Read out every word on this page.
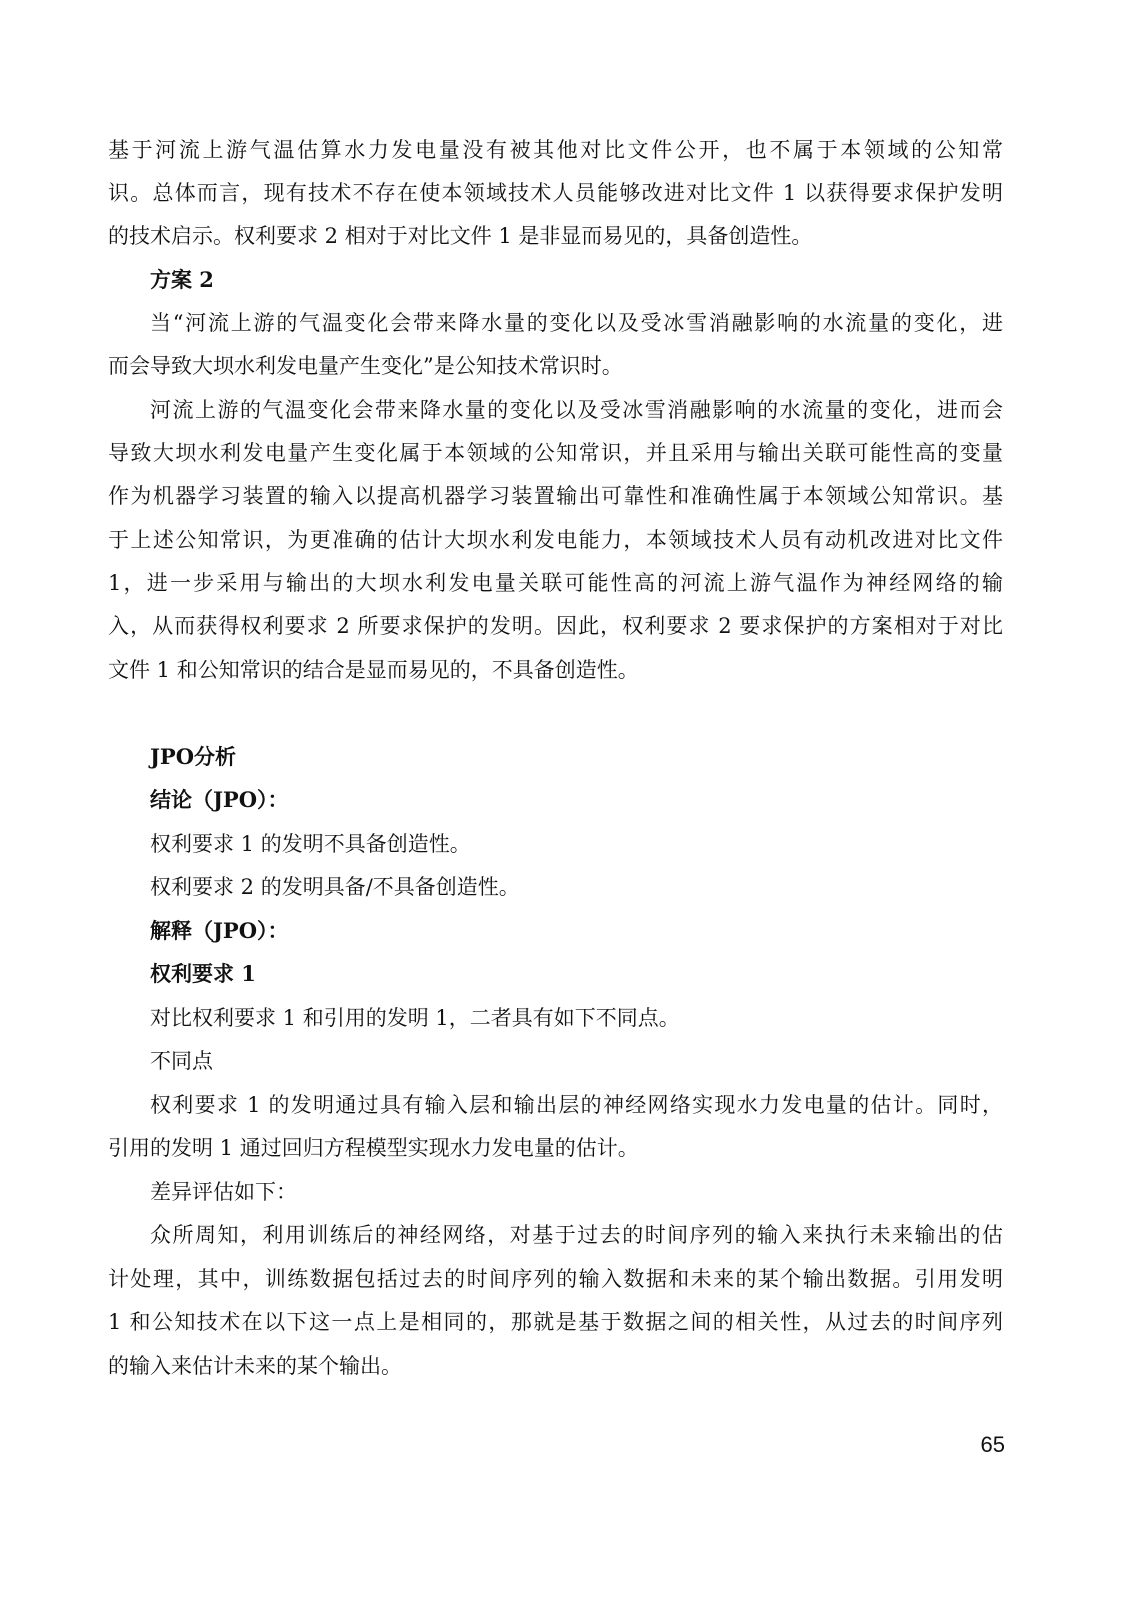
基于河流上游气温估算水力发电量没有被其他对比文件公开，也不属于本领域的公知常
识。总体而言，现有技术不存在使本领域技术人员能够改进对比文件 1 以获得要求保护发明
的技术启示。权利要求 2 相对于对比文件 1 是非显而易见的，具备创造性。
方案 2
当“河流上游的气温变化会带来降水量的变化以及受冰雪消融影响的水流量的变化，进
而会导致大坝水利发电量产生变化”是公知技术常识时。
河流上游的气温变化会带来降水量的变化以及受冰雪消融影响的水流量的变化，进而会
导致大坝水利发电量产生变化属于本领域的公知常识，并且采用与输出关联可能性高的变量
作为机器学习装置的输入以提高机器学习装置输出可靠性和准确性属于本领域公知常识。基
于上述公知常识，为更准确的估计大坝水利发电能力，本领域技术人员有动机改进对比文件
1，进一步采用与输出的大坝水利发电量关联可能性高的河流上游气温作为神经网络的输
入，从而获得权利要求 2 所要求保护的发明。因此，权利要求 2 要求保护的方案相对于对比
文件 1 和公知常识的结合是显而易见的，不具备创造性。
JPO分析
结论（JPO）：
权利要求 1 的发明不具备创造性。
权利要求 2 的发明具备/不具备创造性。
解释（JPO）：
权利要求 1
对比权利要求 1 和引用的发明 1，二者具有如下不同点。
不同点
权利要求 1 的发明通过具有输入层和输出层的神经网络实现水力发电量的估计。同时，
引用的发明 1 通过回归方程模型实现水力发电量的估计。
差异评估如下：
众所周知，利用训练后的神经网络，对基于过去的时间序列的输入来执行未来输出的估
计处理，其中，训练数据包括过去的时间序列的输入数据和未来的某个输出数据。引用发明
1 和公知技术在以下这一点上是相同的，那就是基于数据之间的相关性，从过去的时间序列
的输入来估计未来的某个输出。
65
